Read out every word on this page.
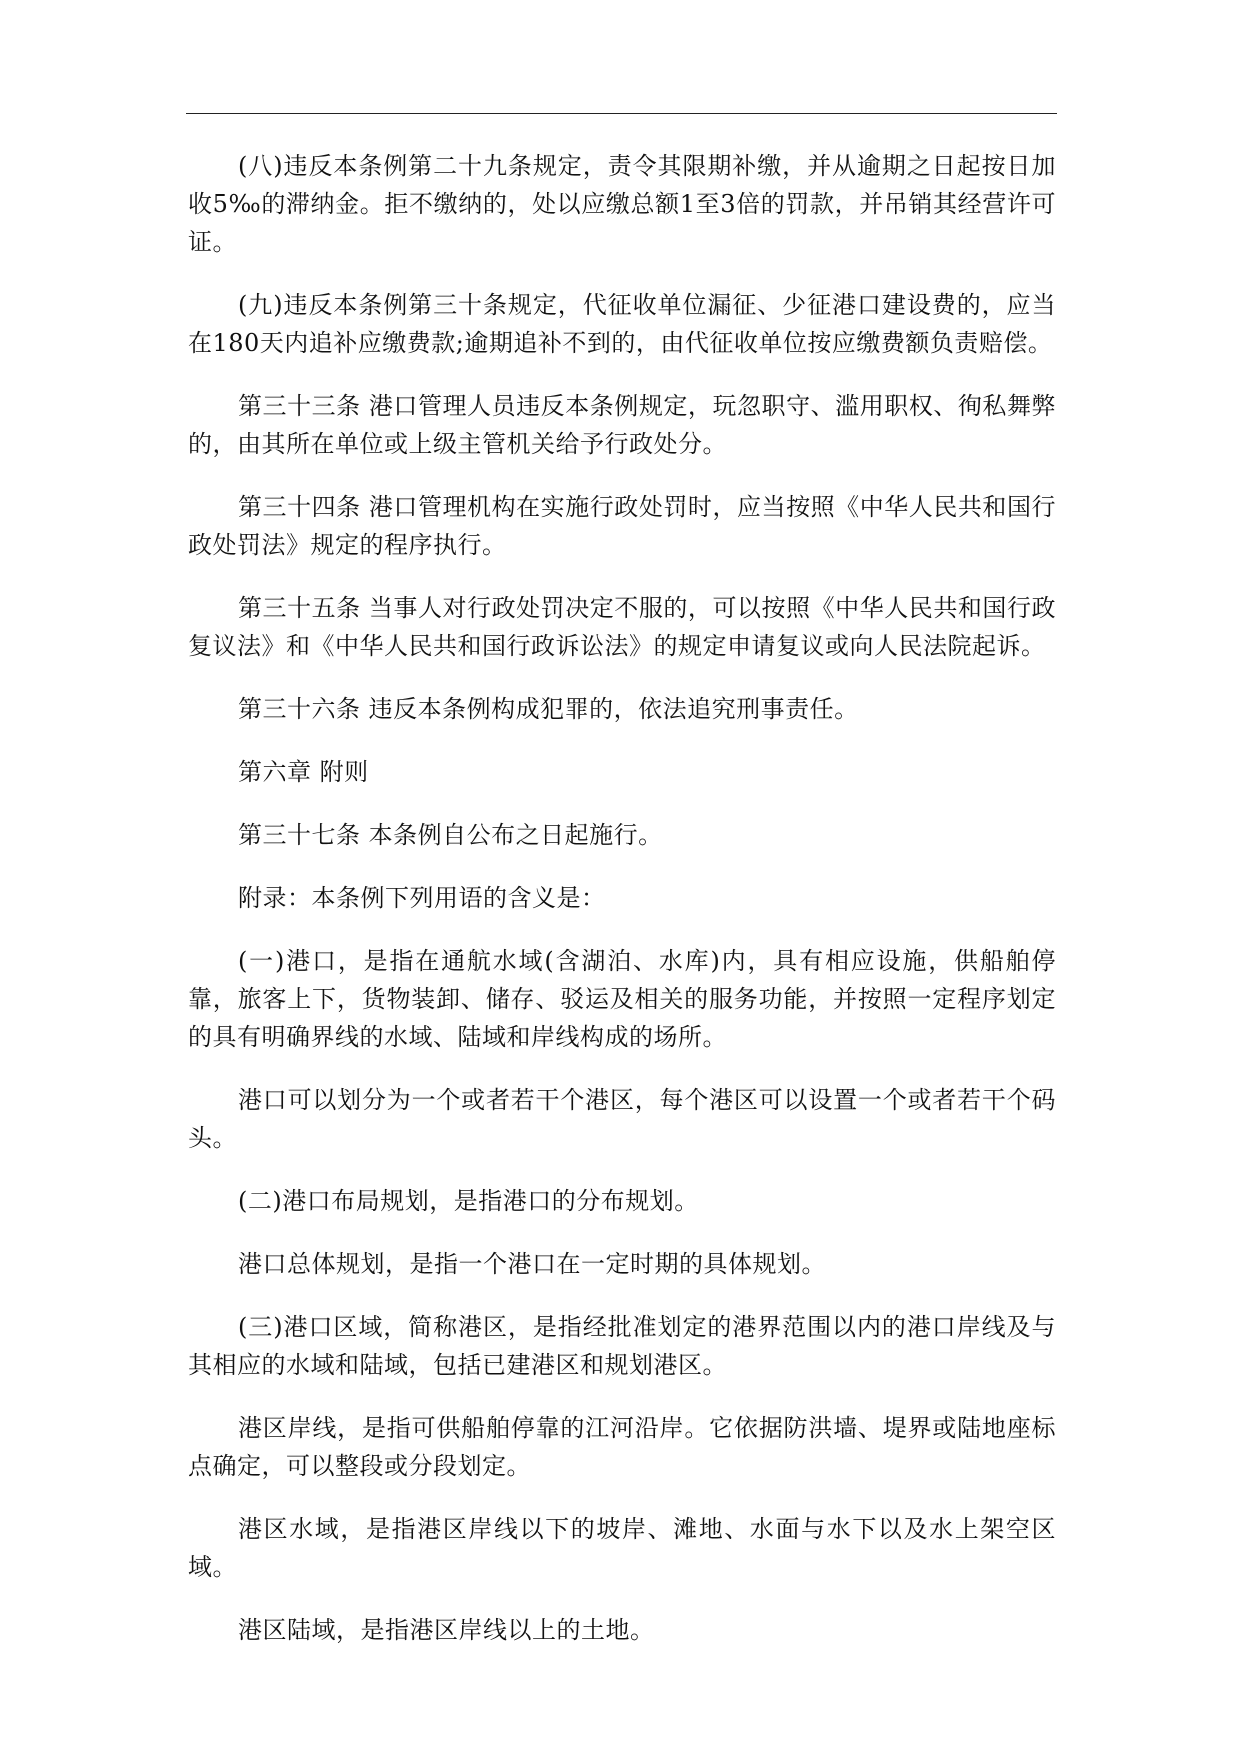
(八)违反本条例第二十九条规定，责令其限期补缴，并从逾期之日起按日加收5‰的滞纳金。拒不缴纳的，处以应缴总额1至3倍的罚款，并吊销其经营许可证。

(九)违反本条例第三十条规定，代征收单位漏征、少征港口建设费的，应当在180天内追补应缴费款;逾期追补不到的，由代征收单位按应缴费额负责赔偿。

第三十三条 港口管理人员违反本条例规定，玩忽职守、滥用职权、徇私舞弊的，由其所在单位或上级主管机关给予行政处分。

第三十四条 港口管理机构在实施行政处罚时，应当按照《中华人民共和国行政处罚法》规定的程序执行。

第三十五条 当事人对行政处罚决定不服的，可以按照《中华人民共和国行政复议法》和《中华人民共和国行政诉讼法》的规定申请复议或向人民法院起诉。

第三十六条 违反本条例构成犯罪的，依法追究刑事责任。

第六章 附则

第三十七条 本条例自公布之日起施行。

附录：本条例下列用语的含义是：

(一)港口，是指在通航水域(含湖泊、水库)内，具有相应设施，供船舶停靠，旅客上下，货物装卸、储存、驳运及相关的服务功能，并按照一定程序划定的具有明确界线的水域、陆域和岸线构成的场所。

港口可以划分为一个或者若干个港区，每个港区可以设置一个或者若干个码头。

(二)港口布局规划，是指港口的分布规划。

港口总体规划，是指一个港口在一定时期的具体规划。

(三)港口区域，简称港区，是指经批准划定的港界范围以内的港口岸线及与其相应的水域和陆域，包括已建港区和规划港区。

港区岸线，是指可供船舶停靠的江河沿岸。它依据防洪墙、堤界或陆地座标点确定，可以整段或分段划定。

港区水域，是指港区岸线以下的坡岸、滩地、水面与水下以及水上架空区域。

港区陆域，是指港区岸线以上的土地。
